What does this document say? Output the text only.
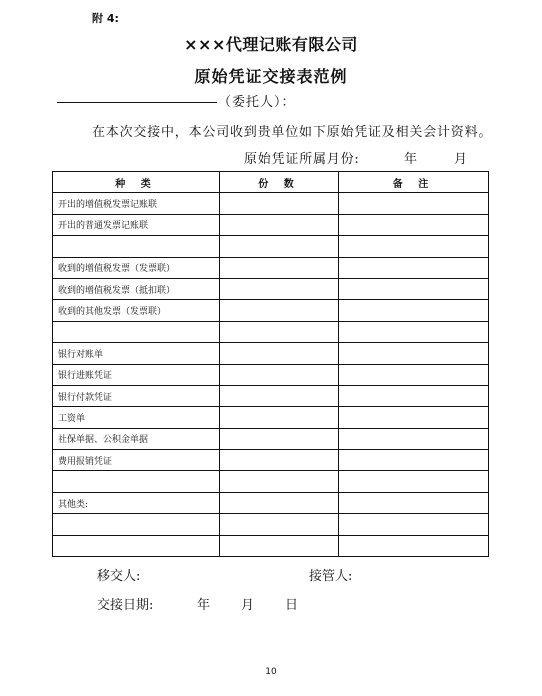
附 4:
×××代理记账有限公司
原始凭证交接表范例
（委托人）：
在本次交接中，本公司收到贵单位如下原始凭证及相关会计资料。
原始凭证所属月份:	年	月
种 类	份 数	备 注
开出的增值税发票记账联		
开出的普通发票记账联		

收到的增值税发票（发票联）		
收到的增值税发票（抵扣联）		
收到的其他发票（发票联）		

银行对账单		
银行进账凭证		
银行付款凭证		
工资单		
社保单据、公积金单据		
费用报销凭证		

其他类:		

移交人:	接管人:
交接日期:	年 月 日
10
